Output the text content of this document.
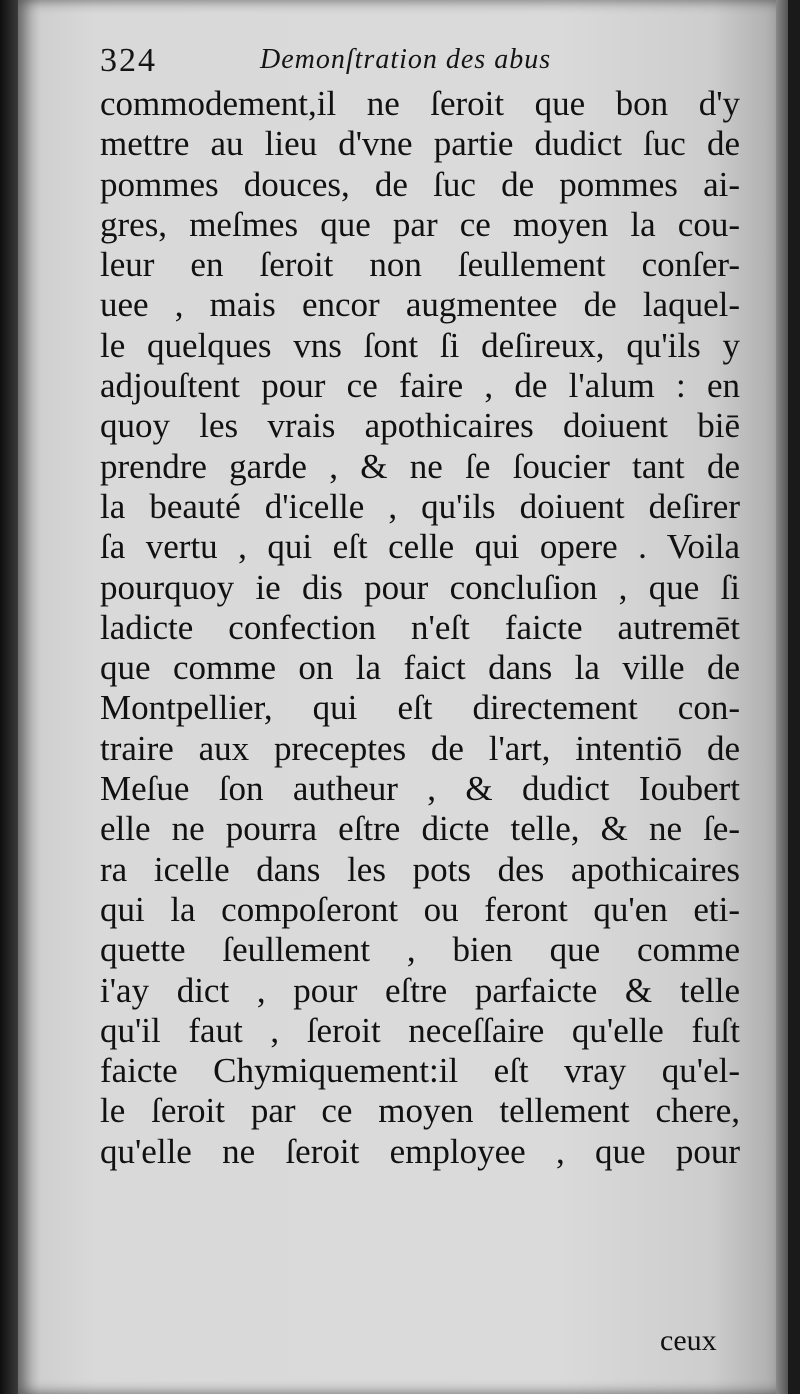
324	Demonſtration des abus
commodement,il ne ſeroit que bon d'y
mettre au lieu d'vne partie dudict ſuc de
pommes douces, de ſuc de pommes ai-
gres, meſmes que par ce moyen la cou-
leur en ſeroit non ſeullement conſer-
uee , mais encor augmentee de laquel-
le quelques vns ſont ſi deſireux, qu'ils y
adjouſtent pour ce faire , de l'alum : en
quoy les vrais apothicaires doiuent biē
prendre garde , & ne ſe ſoucier tant de
la beauté d'icelle , qu'ils doiuent deſirer
ſa vertu , qui eſt celle qui opere . Voila
pourquoy ie dis pour concluſion , que ſi
ladicte confection n'eſt faicte autremēt
que comme on la faict dans la ville de
Montpellier, qui eſt directement con-
traire aux preceptes de l'art, intentiō de
Meſue ſon autheur , & dudict Ioubert
elle ne pourra eſtre dicte telle, & ne ſe-
ra icelle dans les pots des apothicaires
qui la compoſeront ou feront qu'en eti-
quette ſeullement , bien que comme
i'ay dict , pour eſtre parfaicte & telle
qu'il faut , ſeroit neceſſaire qu'elle fuſt
faicte Chymiquement:il eſt vray qu'el-
le ſeroit par ce moyen tellement chere,
qu'elle ne ſeroit employee , que pour
ceux
